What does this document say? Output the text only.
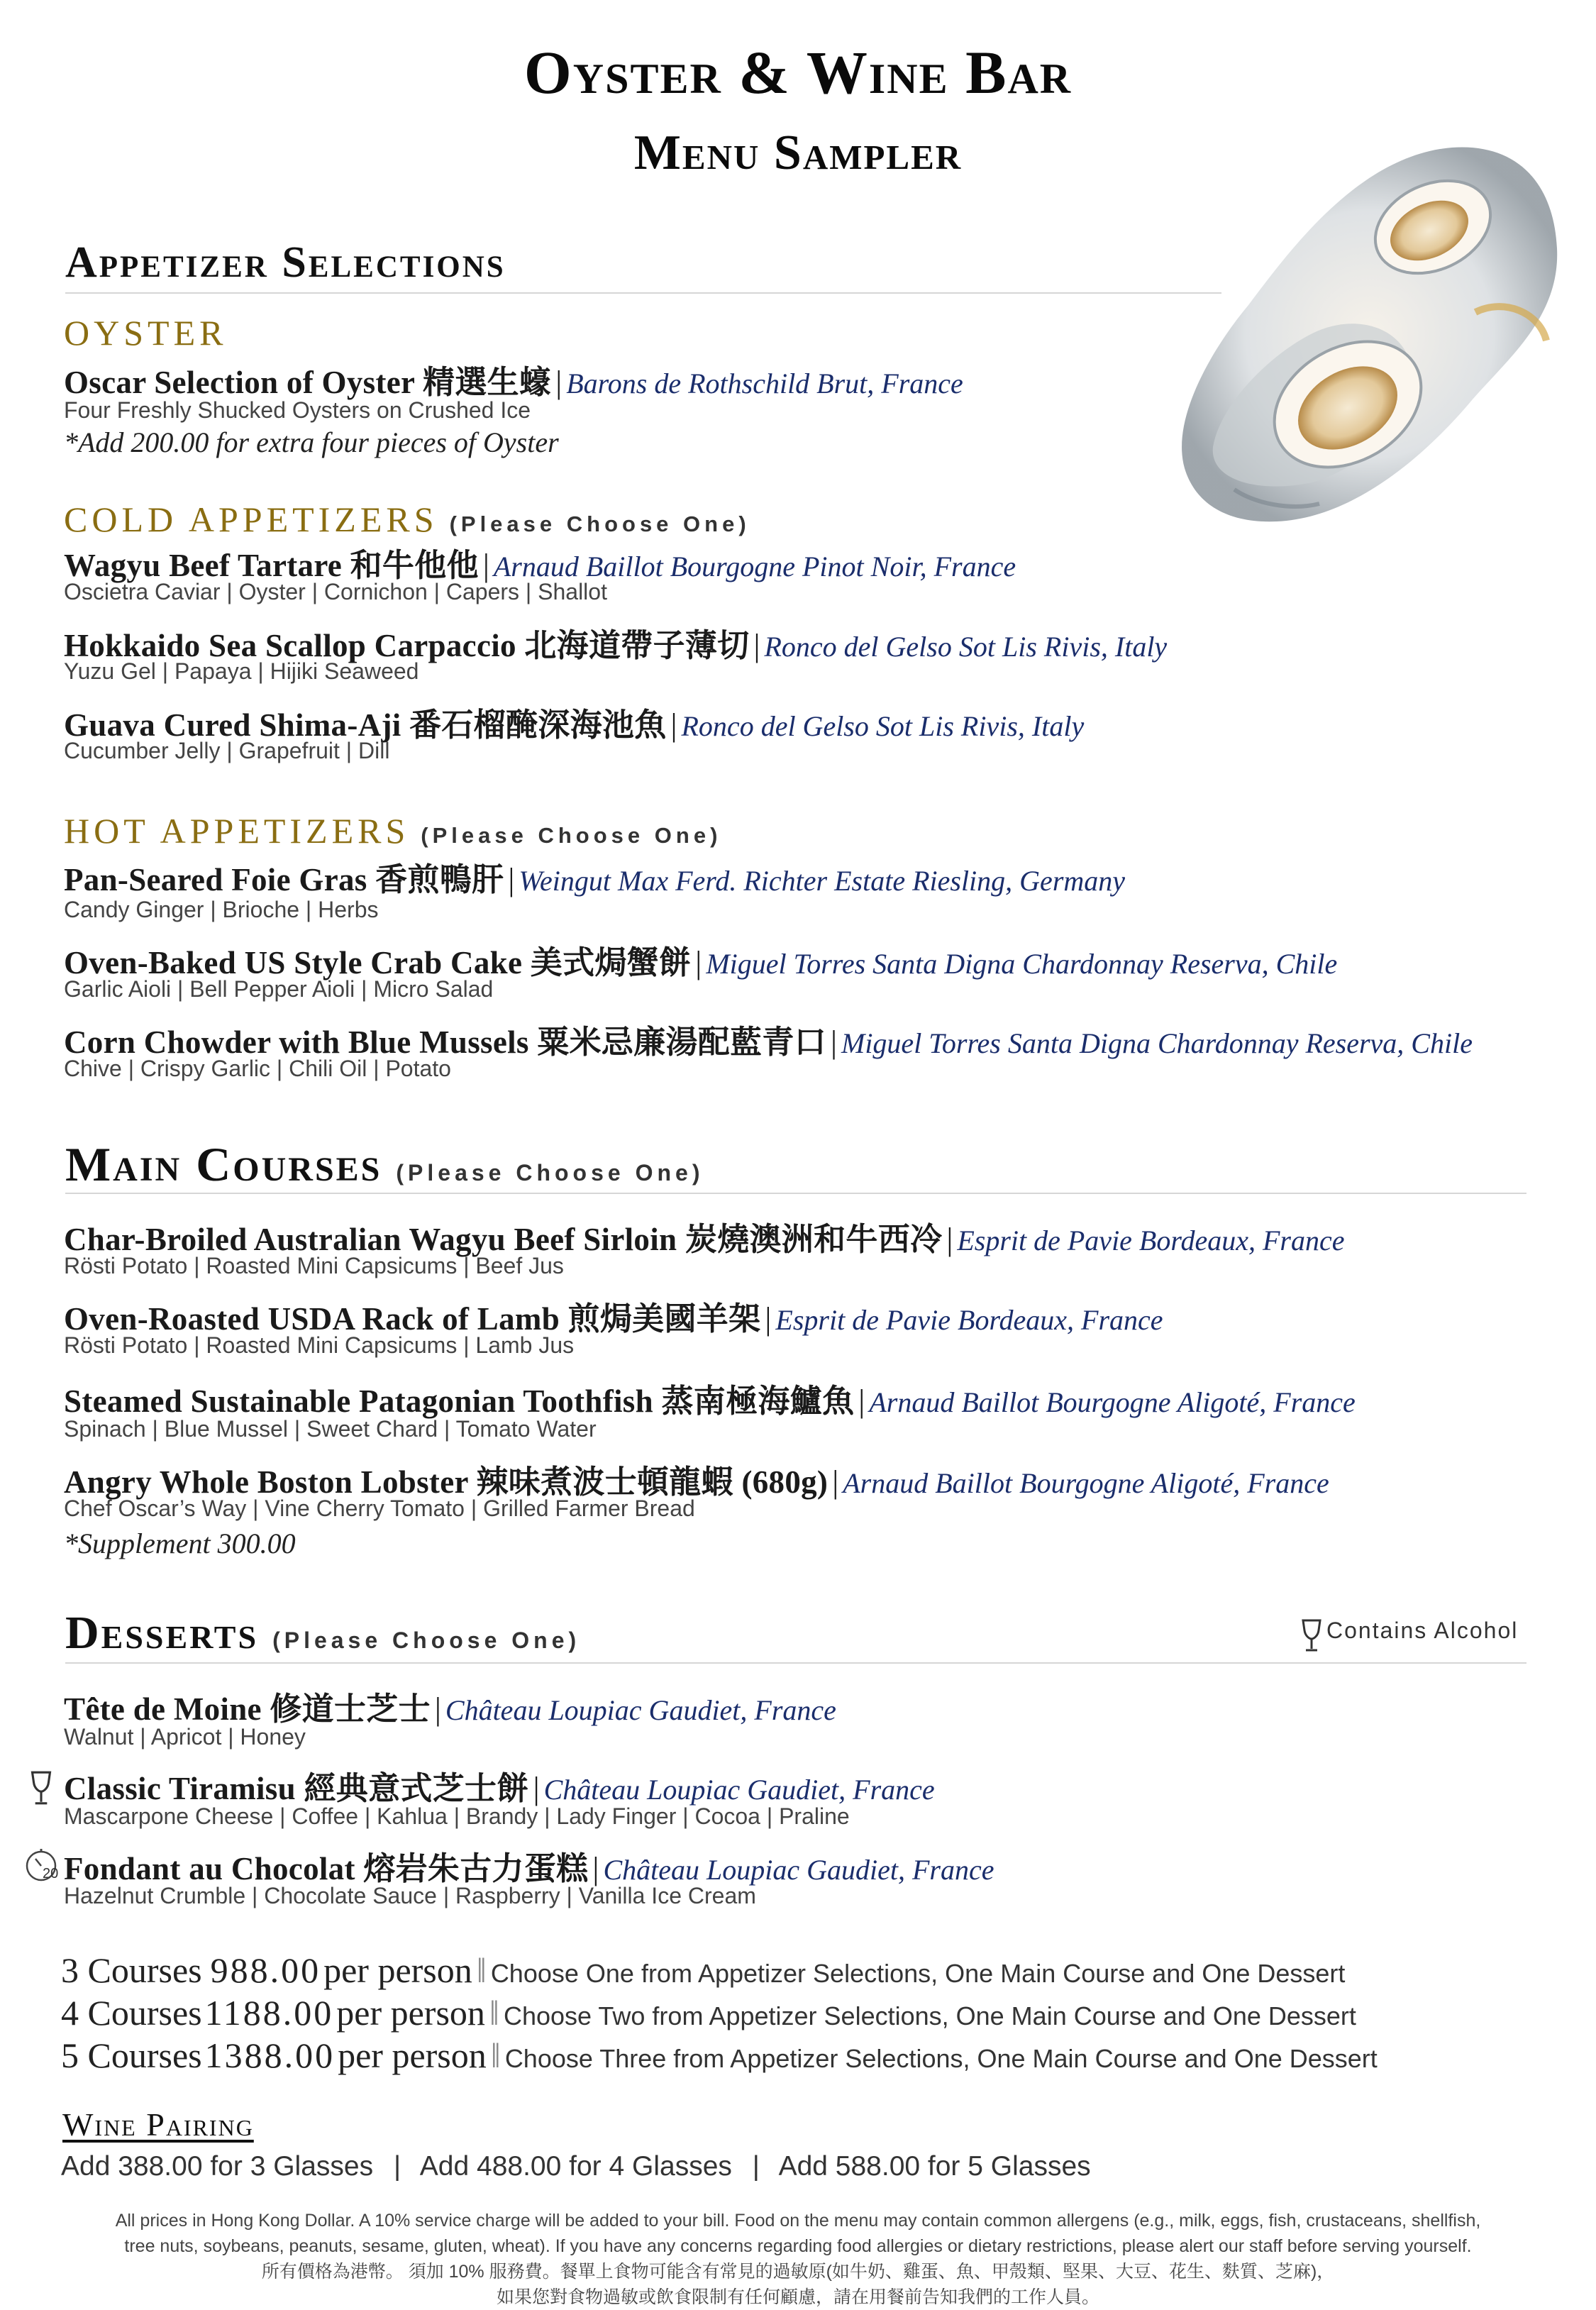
Oyster & Wine Bar
Menu Sampler
Appetizer Selections
OYSTER
Oscar Selection of Oyster 精選生蠔 | Barons de Rothschild Brut, France
Four Freshly Shucked Oysters on Crushed Ice
*Add 200.00 for extra four pieces of Oyster
COLD APPETIZERS (Please Choose One)
Wagyu Beef Tartare 和牛他他 | Arnaud Baillot Bourgogne Pinot Noir, France
Oscietra Caviar | Oyster | Cornichon | Capers | Shallot
Hokkaido Sea Scallop Carpaccio 北海道帶子薄切 | Ronco del Gelso Sot Lis Rivis, Italy
Yuzu Gel | Papaya | Hijiki Seaweed
Guava Cured Shima-Aji 番石榴醃深海池魚 | Ronco del Gelso Sot Lis Rivis, Italy
Cucumber Jelly | Grapefruit | Dill
HOT APPETIZERS (Please Choose One)
Pan-Seared Foie Gras 香煎鴨肝 | Weingut Max Ferd. Richter Estate Riesling, Germany
Candy Ginger | Brioche | Herbs
Oven-Baked US Style Crab Cake 美式焗蟹餅 | Miguel Torres Santa Digna Chardonnay Reserva, Chile
Garlic Aioli | Bell Pepper Aioli | Micro Salad
Corn Chowder with Blue Mussels 粟米忌廉湯配藍青口 | Miguel Torres Santa Digna Chardonnay Reserva, Chile
Chive | Crispy Garlic | Chili Oil | Potato
Main Courses (Please Choose One)
Char-Broiled Australian Wagyu Beef Sirloin 炭燒澳洲和牛西冷 | Esprit de Pavie Bordeaux, France
Rösti Potato | Roasted Mini Capsicums | Beef Jus
Oven-Roasted USDA Rack of Lamb 煎焗美國羊架 | Esprit de Pavie Bordeaux, France
Rösti Potato | Roasted Mini Capsicums | Lamb Jus
Steamed Sustainable Patagonian Toothfish 蒸南極海鱸魚 | Arnaud Baillot Bourgogne Aligoté, France
Spinach | Blue Mussel | Sweet Chard | Tomato Water
Angry Whole Boston Lobster 辣味煮波士頓龍蝦 (680g) | Arnaud Baillot Bourgogne Aligoté, France
Chef Oscar’s Way | Vine Cherry Tomato | Grilled Farmer Bread
*Supplement 300.00
Desserts (Please Choose One)	Contains Alcohol
Tête de Moine 修道士芝士 | Château Loupiac Gaudiet, France
Walnut | Apricot | Honey
Classic Tiramisu 經典意式芝士餅 | Château Loupiac Gaudiet, France
Mascarpone Cheese | Coffee | Kahlua | Brandy | Lady Finger | Cocoa | Praline
20 Fondant au Chocolat 熔岩朱古力蛋糕 | Château Loupiac Gaudiet, France
Hazelnut Crumble | Chocolate Sauce | Raspberry | Vanilla Ice Cream
3 Courses 988.00 per person ‖ Choose One from Appetizer Selections, One Main Course and One Dessert
4 Courses 1188.00 per person ‖ Choose Two from Appetizer Selections, One Main Course and One Dessert
5 Courses 1388.00 per person ‖ Choose Three from Appetizer Selections, One Main Course and One Dessert
Wine Pairing
Add 388.00 for 3 Glasses | Add 488.00 for 4 Glasses | Add 588.00 for 5 Glasses
All prices in Hong Kong Dollar. A 10% service charge will be added to your bill. Food on the menu may contain common allergens (e.g., milk, eggs, fish, crustaceans, shellfish,
tree nuts, soybeans, peanuts, sesame, gluten, wheat). If you have any concerns regarding food allergies or dietary restrictions, please alert our staff before serving yourself.
所有價格為港幣。 須加 10% 服務費。餐單上食物可能含有常見的過敏原(如牛奶、雞蛋、魚、甲殼類、堅果、大豆、花生、麩質、芝麻)，
如果您對食物過敏或飲食限制有任何顧慮，請在用餐前告知我們的工作人員。
